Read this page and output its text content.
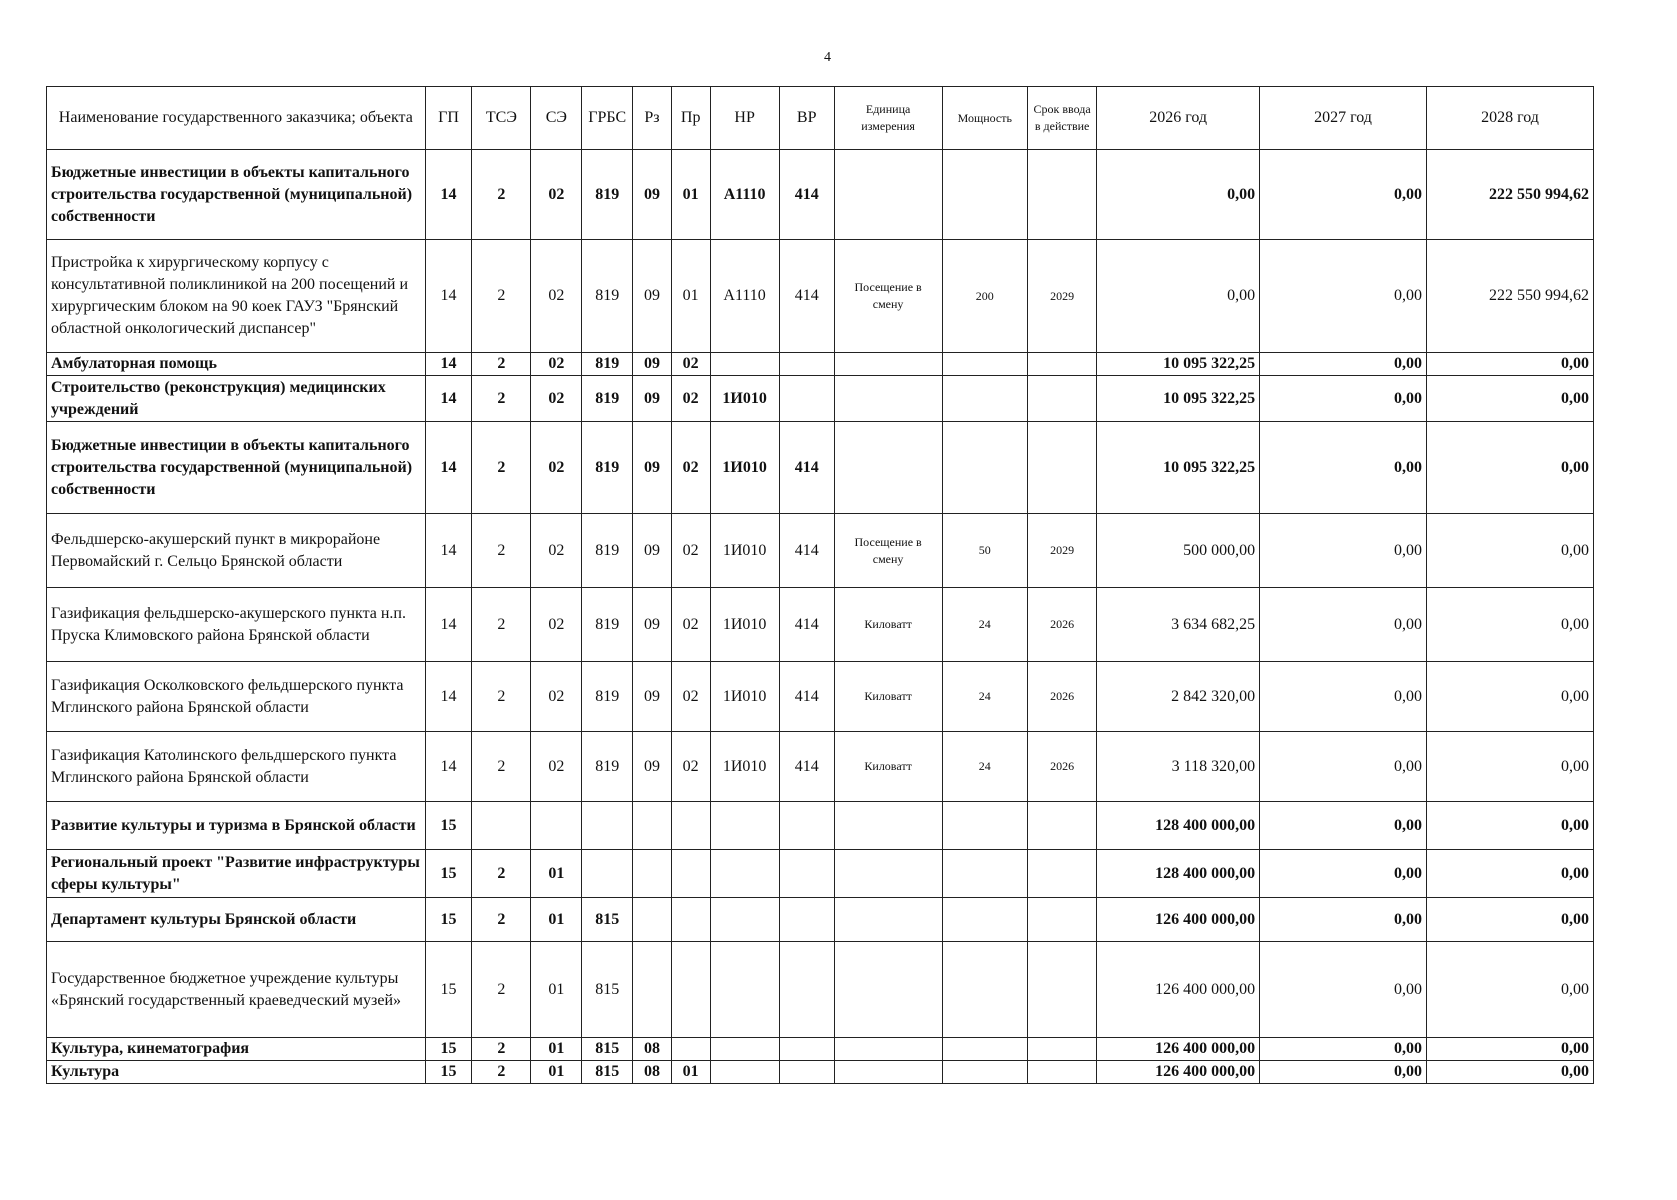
4
Наименование государственного заказчика; объекта	ГП	ТСЭ	СЭ	ГРБС	Рз	Пр	НР	ВР	Единица измерения	Мощность	Срок ввода в действие	2026 год	2027 год	2028 год
Бюджетные инвестиции в объекты капитального строительства государственной (муниципальной) собственности	14	2	02	819	09	01	А1110	414				0,00	0,00	222 550 994,62
Пристройка к хирургическому корпусу с консультативной поликлиникой на 200 посещений и хирургическим блоком на 90 коек ГАУЗ "Брянский областной онкологический диспансер"	14	2	02	819	09	01	А1110	414	Посещение в смену	200	2029	0,00	0,00	222 550 994,62
Амбулаторная помощь	14	2	02	819	09	02						10 095 322,25	0,00	0,00
Строительство (реконструкция) медицинских учреждений	14	2	02	819	09	02	1И010					10 095 322,25	0,00	0,00
Бюджетные инвестиции в объекты капитального строительства государственной (муниципальной) собственности	14	2	02	819	09	02	1И010	414				10 095 322,25	0,00	0,00
Фельдшерско-акушерский пункт в микрорайоне Первомайский г. Сельцо Брянской области	14	2	02	819	09	02	1И010	414	Посещение в смену	50	2029	500 000,00	0,00	0,00
Газификация фельдшерско-акушерского пункта н.п. Пруска Климовского района Брянской области	14	2	02	819	09	02	1И010	414	Киловатт	24	2026	3 634 682,25	0,00	0,00
Газификация Осколковского фельдшерского пункта Мглинского района Брянской области	14	2	02	819	09	02	1И010	414	Киловатт	24	2026	2 842 320,00	0,00	0,00
Газификация Католинского фельдшерского пункта Мглинского района Брянской области	14	2	02	819	09	02	1И010	414	Киловатт	24	2026	3 118 320,00	0,00	0,00
Развитие культуры и туризма в Брянской области	15											128 400 000,00	0,00	0,00
Региональный проект "Развитие инфраструктуры сферы культуры"	15	2	01									128 400 000,00	0,00	0,00
Департамент культуры Брянской области	15	2	01	815								126 400 000,00	0,00	0,00
Государственное бюджетное учреждение культуры «Брянский государственный краеведческий музей»	15	2	01	815								126 400 000,00	0,00	0,00
Культура, кинематография	15	2	01	815	08							126 400 000,00	0,00	0,00
Культура	15	2	01	815	08	01						126 400 000,00	0,00	0,00
